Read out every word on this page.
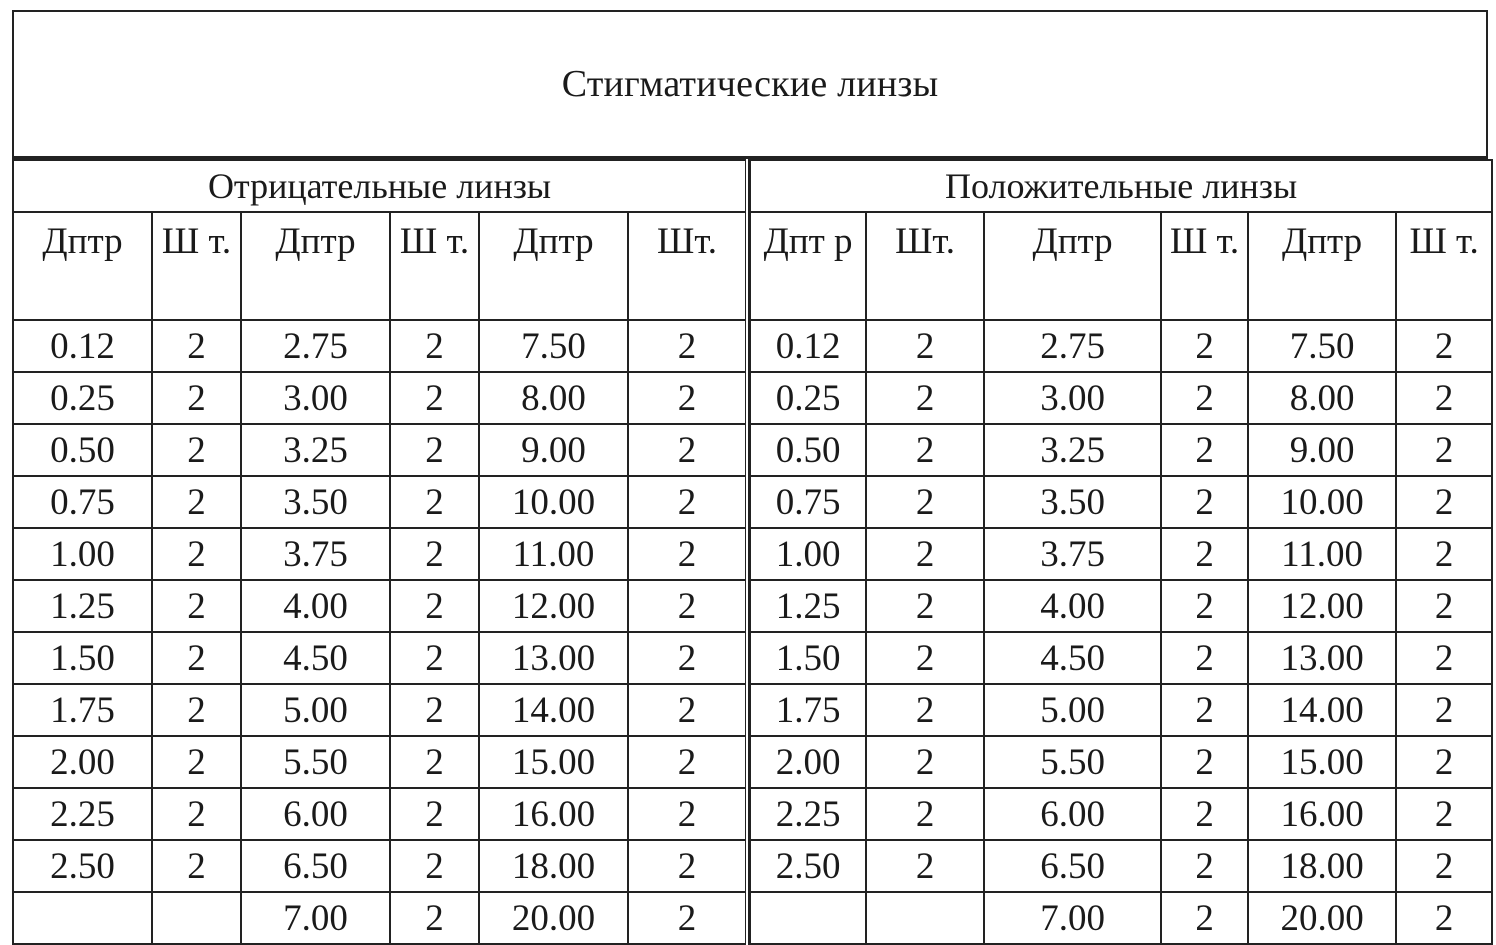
Стигматические линзы
Отрицательные линзы					
Дптр	Ш т.	Дптр	Ш т.	Дптр	Шт.
0.12	2	2.75	2	7.50	2
0.25	2	3.00	2	8.00	2
0.50	2	3.25	2	9.00	2
0.75	2	3.50	2	10.00	2
1.00	2	3.75	2	11.00	2
1.25	2	4.00	2	12.00	2
1.50	2	4.50	2	13.00	2
1.75	2	5.00	2	14.00	2
2.00	2	5.50	2	15.00	2
2.25	2	6.00	2	16.00	2
2.50	2	6.50	2	18.00	2
		7.00	2	20.00	2
Положительные линзы					
Дпт р	Шт.	Дптр	Ш т.	Дптр	Ш т.
0.12	2	2.75	2	7.50	2
0.25	2	3.00	2	8.00	2
0.50	2	3.25	2	9.00	2
0.75	2	3.50	2	10.00	2
1.00	2	3.75	2	11.00	2
1.25	2	4.00	2	12.00	2
1.50	2	4.50	2	13.00	2
1.75	2	5.00	2	14.00	2
2.00	2	5.50	2	15.00	2
2.25	2	6.00	2	16.00	2
2.50	2	6.50	2	18.00	2
		7.00	2	20.00	2
